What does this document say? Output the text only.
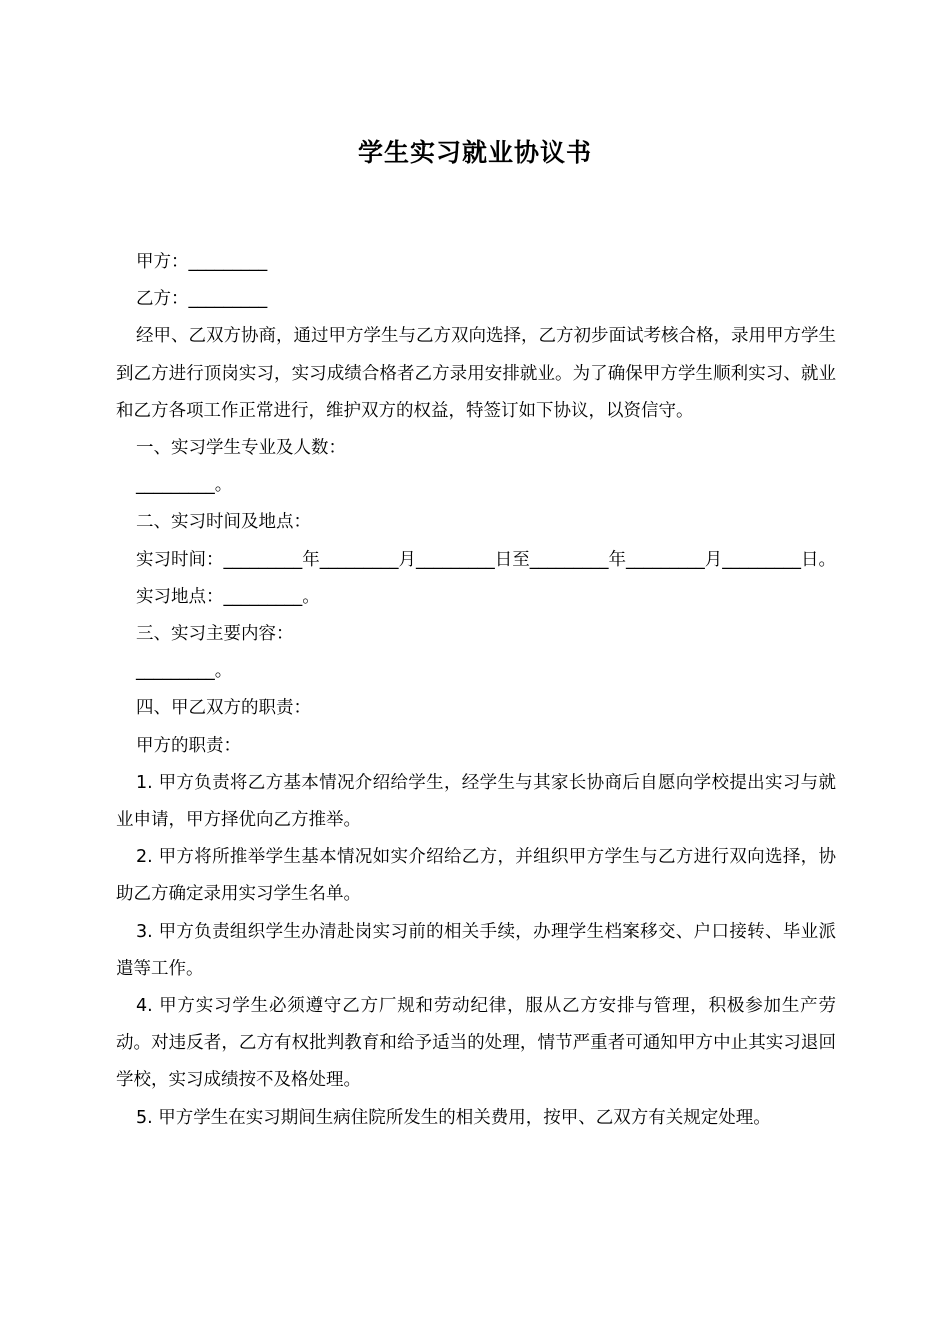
学生实习就业协议书

甲方：_________

乙方：_________

经甲、乙双方协商，通过甲方学生与乙方双向选择，乙方初步面试考核合格，录用甲方学生到乙方进行顶岗实习，实习成绩合格者乙方录用安排就业。为了确保甲方学生顺利实习、就业和乙方各项工作正常进行，维护双方的权益，特签订如下协议，以资信守。

一、实习学生专业及人数：

_________。

二、实习时间及地点：

实习时间：_________年_________月_________日至_________年_________月_________日。

实习地点：_________。

三、实习主要内容：

_________。

四、甲乙双方的职责：

甲方的职责：

1. 甲方负责将乙方基本情况介绍给学生，经学生与其家长协商后自愿向学校提出实习与就业申请，甲方择优向乙方推举。

2. 甲方将所推举学生基本情况如实介绍给乙方，并组织甲方学生与乙方进行双向选择，协助乙方确定录用实习学生名单。

3. 甲方负责组织学生办清赴岗实习前的相关手续，办理学生档案移交、户口接转、毕业派遣等工作。

4. 甲方实习学生必须遵守乙方厂规和劳动纪律，服从乙方安排与管理，积极参加生产劳动。对违反者，乙方有权批判教育和给予适当的处理，情节严重者可通知甲方中止其实习退回学校，实习成绩按不及格处理。

5. 甲方学生在实习期间生病住院所发生的相关费用，按甲、乙双方有关规定处理。
